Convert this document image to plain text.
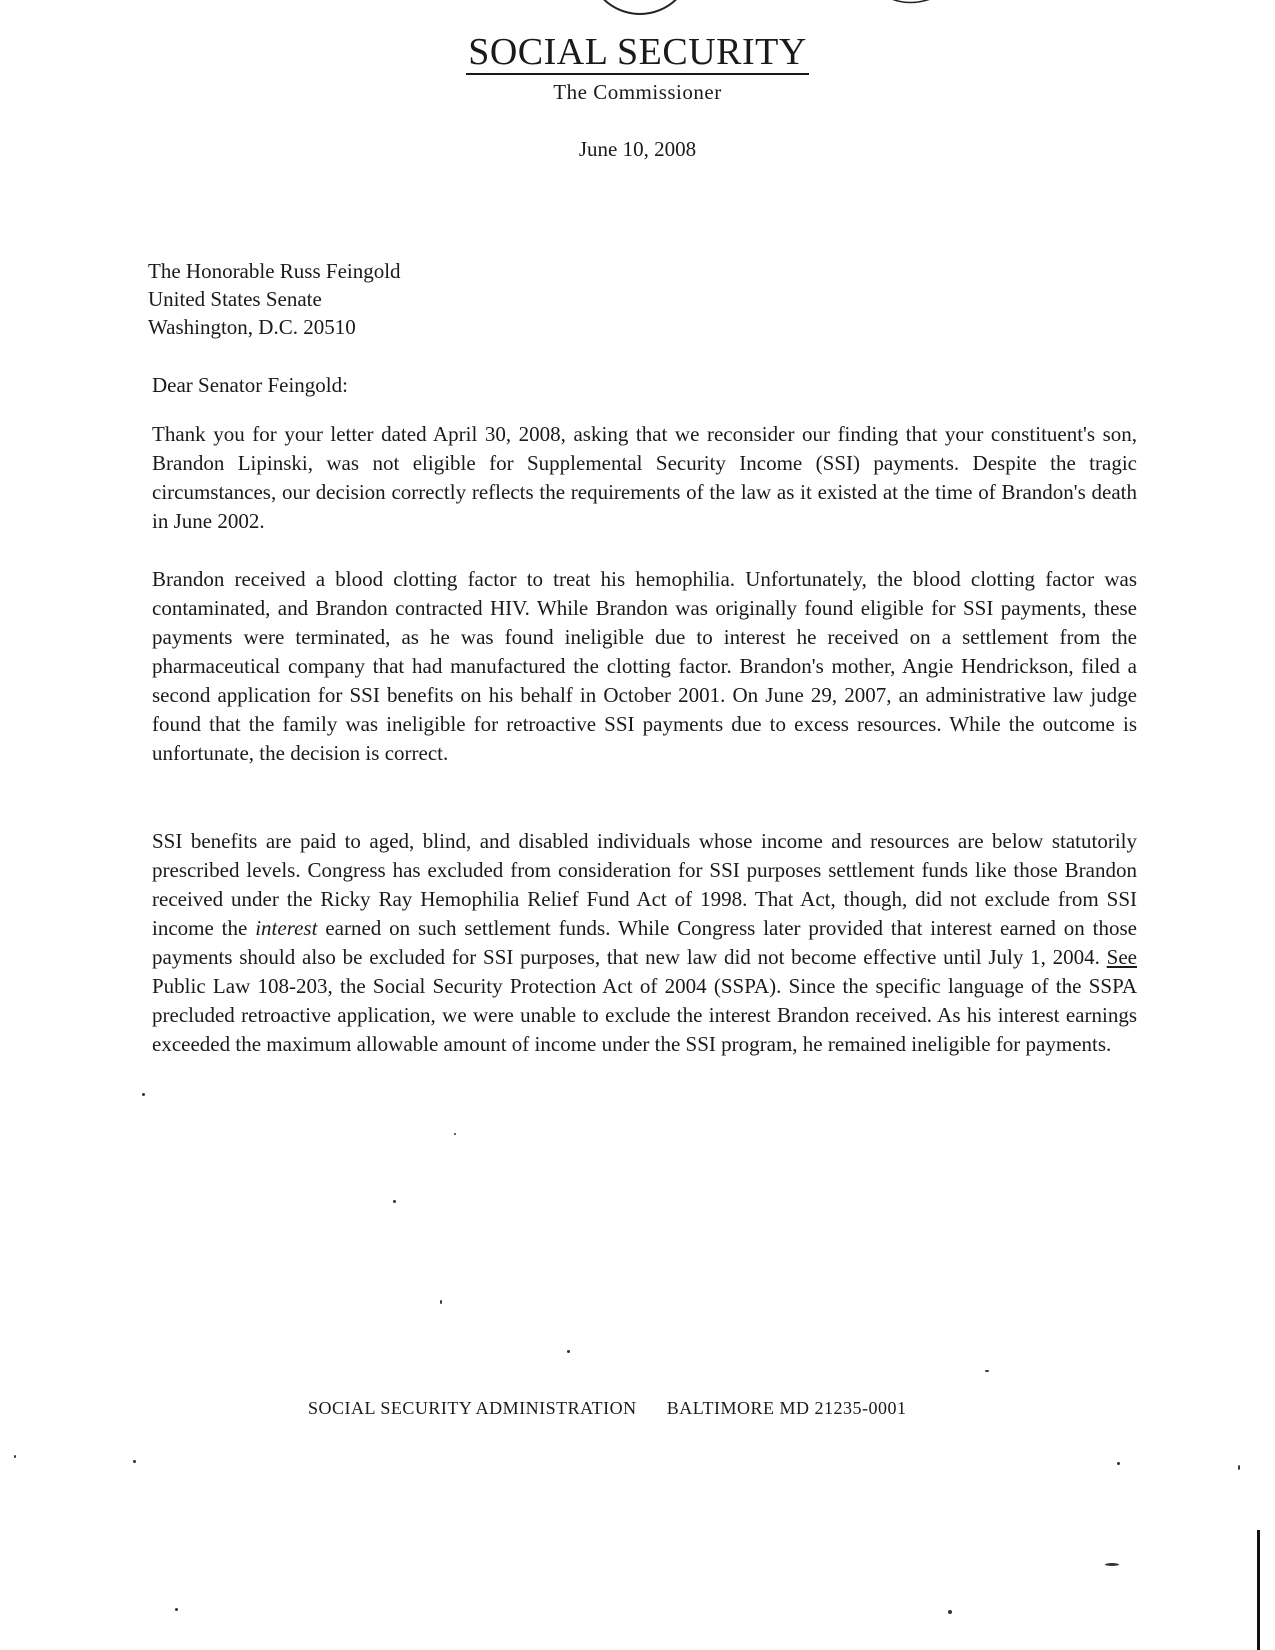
SOCIAL SECURITY
The Commissioner
June 10, 2008
The Honorable Russ Feingold
United States Senate
Washington, D.C. 20510
Dear Senator Feingold:

Thank you for your letter dated April 30, 2008, asking that we reconsider our finding that your constituent's son, Brandon Lipinski, was not eligible for Supplemental Security Income (SSI) payments. Despite the tragic circumstances, our decision correctly reflects the requirements of the law as it existed at the time of Brandon's death in June 2002.

Brandon received a blood clotting factor to treat his hemophilia. Unfortunately, the blood clotting factor was contaminated, and Brandon contracted HIV. While Brandon was originally found eligible for SSI payments, these payments were terminated, as he was found ineligible due to interest he received on a settlement from the pharmaceutical company that had manufactured the clotting factor. Brandon's mother, Angie Hendrickson, filed a second application for SSI benefits on his behalf in October 2001. On June 29, 2007, an administrative law judge found that the family was ineligible for retroactive SSI payments due to excess resources. While the outcome is unfortunate, the decision is correct.

SSI benefits are paid to aged, blind, and disabled individuals whose income and resources are below statutorily prescribed levels. Congress has excluded from consideration for SSI purposes settlement funds like those Brandon received under the Ricky Ray Hemophilia Relief Fund Act of 1998. That Act, though, did not exclude from SSI income the interest earned on such settlement funds. While Congress later provided that interest earned on those payments should also be excluded for SSI purposes, that new law did not become effective until July 1, 2004. See Public Law 108-203, the Social Security Protection Act of 2004 (SSPA). Since the specific language of the SSPA precluded retroactive application, we were unable to exclude the interest Brandon received. As his interest earnings exceeded the maximum allowable amount of income under the SSI program, he remained ineligible for payments.

SOCIAL SECURITY ADMINISTRATION BALTIMORE MD 21235-0001
